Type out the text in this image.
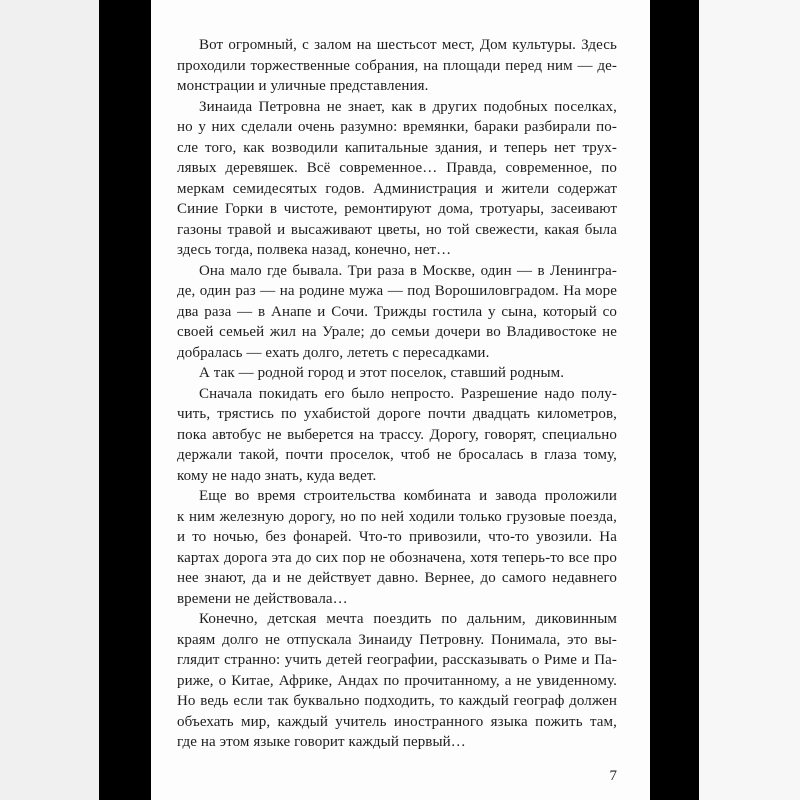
Вот огромный, с залом на шестьсот мест, Дом культуры. Здесь
проходили торжественные собрания, на площади перед ним — де-
монстрации и уличные представления.
Зинаида Петровна не знает, как в других подобных поселках,
но у них сделали очень разумно: времянки, бараки разбирали по-
сле того, как возводили капитальные здания, и теперь нет трух-
лявых деревяшек. Всё современное… Правда, современное, по
меркам семидесятых годов. Администрация и жители содержат
Синие Горки в чистоте, ремонтируют дома, тротуары, засеивают
газоны травой и высаживают цветы, но той свежести, какая была
здесь тогда, полвека назад, конечно, нет…
Она мало где бывала. Три раза в Москве, один — в Ленингра-
де, один раз — на родине мужа — под Ворошиловградом. На море
два раза — в Анапе и Сочи. Трижды гостила у сына, который со
своей семьей жил на Урале; до семьи дочери во Владивостоке не
добралась — ехать долго, лететь с пересадками.
А так — родной город и этот поселок, ставший родным.
Сначала покидать его было непросто. Разрешение надо полу-
чить, трястись по ухабистой дороге почти двадцать километров,
пока автобус не выберется на трассу. Дорогу, говорят, специально
держали такой, почти проселок, чтоб не бросалась в глаза тому,
кому не надо знать, куда ведет.
Еще во время строительства комбината и завода проложили
к ним железную дорогу, но по ней ходили только грузовые поезда,
и то ночью, без фонарей. Что-то привозили, что-то увозили. На
картах дорога эта до сих пор не обозначена, хотя теперь-то все про
нее знают, да и не действует давно. Вернее, до самого недавнего
времени не действовала…
Конечно, детская мечта поездить по дальним, диковинным
краям долго не отпускала Зинаиду Петровну. Понимала, это вы-
глядит странно: учить детей географии, рассказывать о Риме и Па-
риже, о Китае, Африке, Андах по прочитанному, а не увиденному.
Но ведь если так буквально подходить, то каждый географ должен
объехать мир, каждый учитель иностранного языка пожить там,
где на этом языке говорит каждый первый…
7
